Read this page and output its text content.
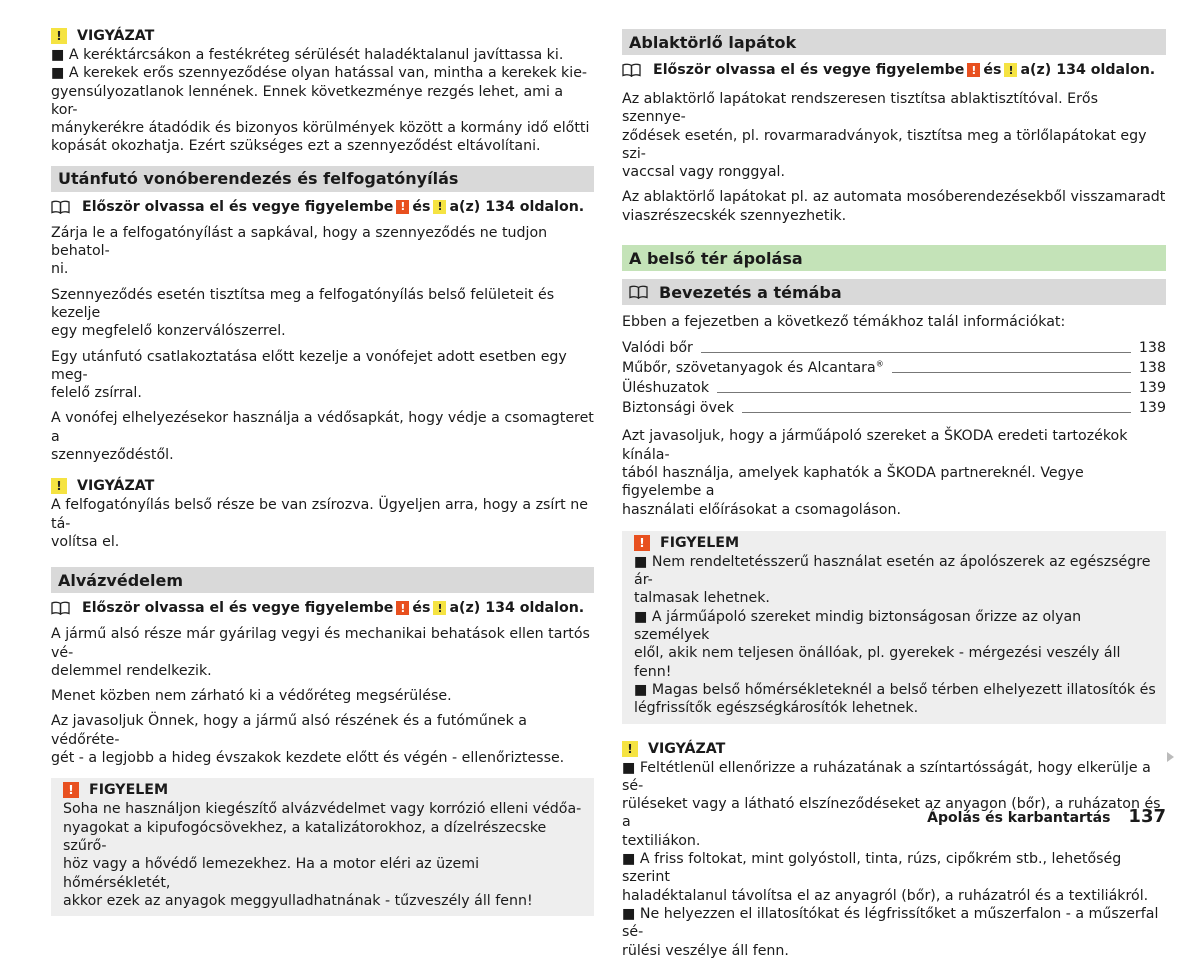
!	VIGYÁZAT

■ A keréktárcsákon a festékréteg sérülését haladéktalanul javíttassa ki.

■ A kerekek erős szennyeződése olyan hatással van, mintha a kerekek kie-

gyensúlyozatlanok lennének. Ennek következménye rezgés lehet, ami a kor-

mánykerékre átadódik és bizonyos körülmények között a kormány idő előtti

kopását okozhatja. Ezért szükséges ezt a szennyeződést eltávolítani.

Utánfutó vonóberendezés és felfogatónyílás
Először olvassa el és vegye figyelembe ! és ! a(z) 134 oldalon.

Zárja le a felfogatónyílást a sapkával, hogy a szennyeződés ne tudjon behatol-

ni.

Szennyeződés esetén tisztítsa meg a felfogatónyílás belső felületeit és kezelje

egy megfelelő konzerválószerrel.

Egy utánfutó csatlakoztatása előtt kezelje a vonófejet adott esetben egy meg-

felelő zsírral.

A vonófej elhelyezésekor használja a védősapkát, hogy védje a csomagteret a

szennyeződéstől.

!	VIGYÁZAT

A felfogatónyílás belső része be van zsírozva. Ügyeljen arra, hogy a zsírt ne tá-

volítsa el.

Alvázvédelem
Először olvassa el és vegye figyelembe ! és ! a(z) 134 oldalon.

A jármű alsó része már gyárilag vegyi és mechanikai behatások ellen tartós vé-

delemmel rendelkezik.

Menet közben nem zárható ki a védőréteg megsérülése.

Az javasoljuk Önnek, hogy a jármű alsó részének és a futóműnek a védőréte-

gét - a legjobb a hideg évszakok kezdete előtt és végén - ellenőriztesse.

!	FIGYELEM

Soha ne használjon kiegészítő alvázvédelmet vagy korrózió elleni védőa-

nyagokat a kipufogócsövekhez, a katalizátorokhoz, a dízelrészecske szűrő-

höz vagy a hővédő lemezekhez. Ha a motor eléri az üzemi hőmérsékletét,

akkor ezek az anyagok meggyulladhatnának - tűzveszély áll fenn!

Ablaktörlő lapátok
Először olvassa el és vegye figyelembe ! és ! a(z) 134 oldalon.

Az ablaktörlő lapátokat rendszeresen tisztítsa ablaktisztítóval. Erős szennye-

ződések esetén, pl. rovarmaradványok, tisztítsa meg a törlőlapátokat egy szi-

vaccsal vagy ronggyal.

Az ablaktörlő lapátokat pl. az automata mosóberendezésekből visszamaradt

viaszrészecskék szennyezhetik.

A belső tér ápolása
Bevezetés a témába

Ebben a fejezetben a következő témákhoz talál információkat:

Valódi bőr	138
Műbőr, szövetanyagok és Alcantara®	138
Üléshuzatok	139
Biztonsági övek	139

Azt javasoljuk, hogy a járműápoló szereket a ŠKODA eredeti tartozékok kínála-

tából használja, amelyek kaphatók a ŠKODA partnereknél. Vegye figyelembe a

használati előírásokat a csomagoláson.

!	FIGYELEM

■ Nem rendeltetésszerű használat esetén az ápolószerek az egészségre ár-

talmasak lehetnek.

■ A járműápoló szereket mindig biztonságosan őrizze az olyan személyek

elől, akik nem teljesen önállóak, pl. gyerekek - mérgezési veszély áll fenn!

■ Magas belső hőmérsékleteknél a belső térben elhelyezett illatosítók és

légfrissítők egészségkárosítók lehetnek.

!	VIGYÁZAT

■ Feltétlenül ellenőrizze a ruházatának a színtartósságát, hogy elkerülje a sé-

rüléseket vagy a látható elszíneződéseket az anyagon (bőr), a ruházaton és a

textiliákon.

■ A friss foltokat, mint golyóstoll, tinta, rúzs, cipőkrém stb., lehetőség szerint

haladéktalanul távolítsa el az anyagról (bőr), a ruházatról és a textiliákról.

■ Ne helyezzen el illatosítókat és légfrissítőket a műszerfalon - a műszerfal sé-

rülési veszélye áll fenn.

Ápolás és karbantartás 137
